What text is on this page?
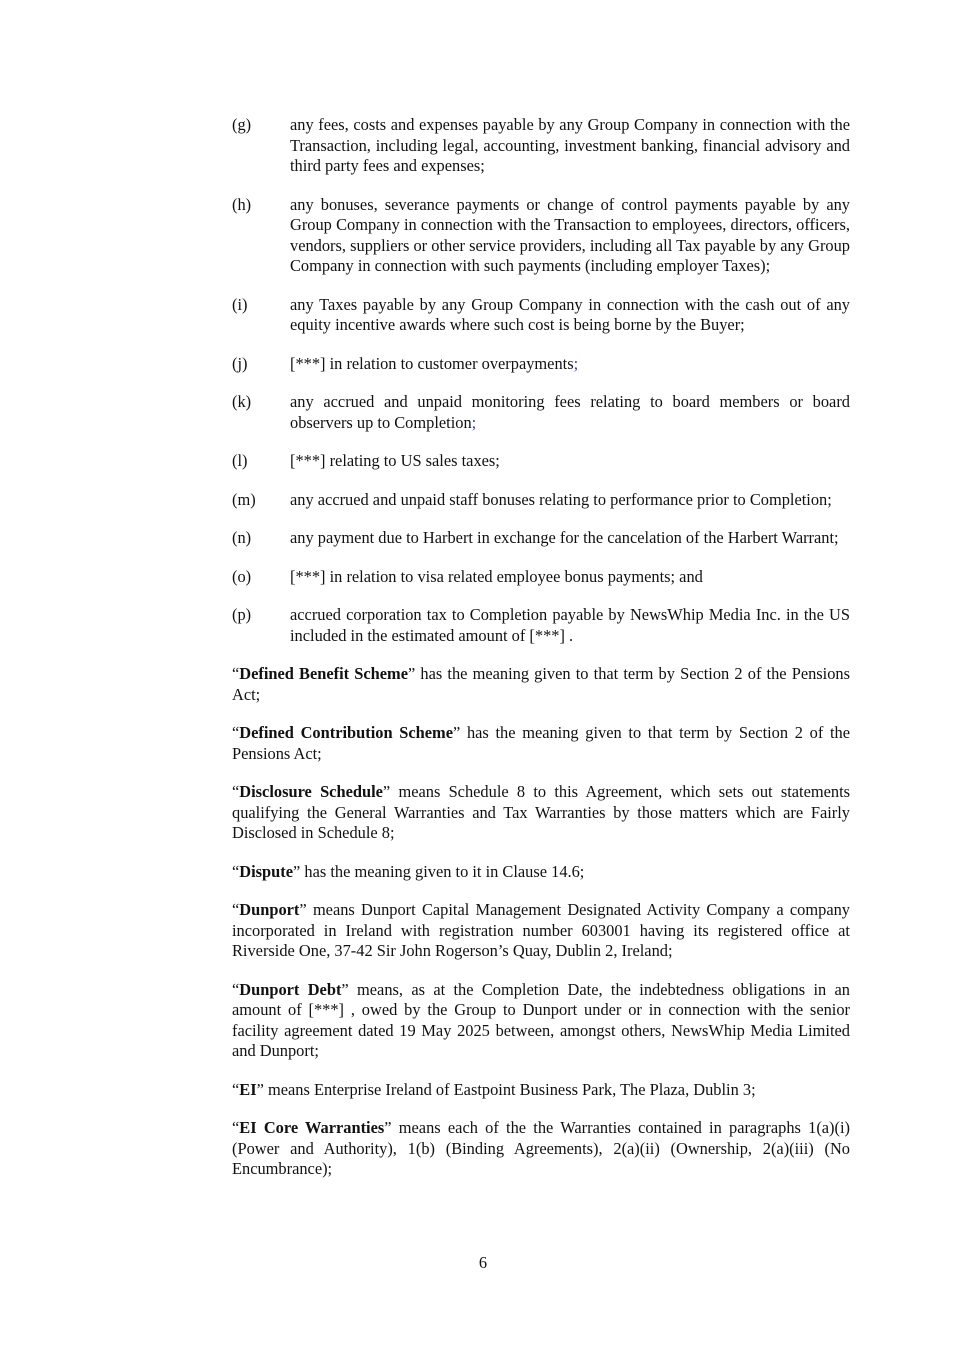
(g)	any fees, costs and expenses payable by any Group Company in connection with the Transaction, including legal, accounting, investment banking, financial advisory and third party fees and expenses;
(h)	any bonuses, severance payments or change of control payments payable by any Group Company in connection with the Transaction to employees, directors, officers, vendors, suppliers or other service providers, including all Tax payable by any Group Company in connection with such payments (including employer Taxes);
(i)	any Taxes payable by any Group Company in connection with the cash out of any equity incentive awards where such cost is being borne by the Buyer;
(j)	[***] in relation to customer overpayments;
(k)	any accrued and unpaid monitoring fees relating to board members or board observers up to Completion;
(l)	[***] relating to US sales taxes;
(m)	any accrued and unpaid staff bonuses relating to performance prior to Completion;
(n)	any payment due to Harbert in exchange for the cancelation of the Harbert Warrant;
(o)	[***] in relation to visa related employee bonus payments; and
(p)	accrued corporation tax to Completion payable by NewsWhip Media Inc. in the US included in the estimated amount of [***] .

“Defined Benefit Scheme” has the meaning given to that term by Section 2 of the Pensions Act;

“Defined Contribution Scheme” has the meaning given to that term by Section 2 of the Pensions Act;

“Disclosure Schedule” means Schedule 8 to this Agreement, which sets out statements qualifying the General Warranties and Tax Warranties by those matters which are Fairly Disclosed in Schedule 8;

“Dispute” has the meaning given to it in Clause 14.6;

“Dunport” means Dunport Capital Management Designated Activity Company a company incorporated in Ireland with registration number 603001 having its registered office at Riverside One, 37-42 Sir John Rogerson’s Quay, Dublin 2, Ireland;

“Dunport Debt” means, as at the Completion Date, the indebtedness obligations in an amount of [***] , owed by the Group to Dunport under or in connection with the senior facility agreement dated 19 May 2025 between, amongst others, NewsWhip Media Limited and Dunport;

“EI” means Enterprise Ireland of Eastpoint Business Park, The Plaza, Dublin 3;

“EI Core Warranties” means each of the the Warranties contained in paragraphs 1(a)(i) (Power and Authority), 1(b) (Binding Agreements), 2(a)(ii) (Ownership, 2(a)(iii) (No Encumbrance);

6
